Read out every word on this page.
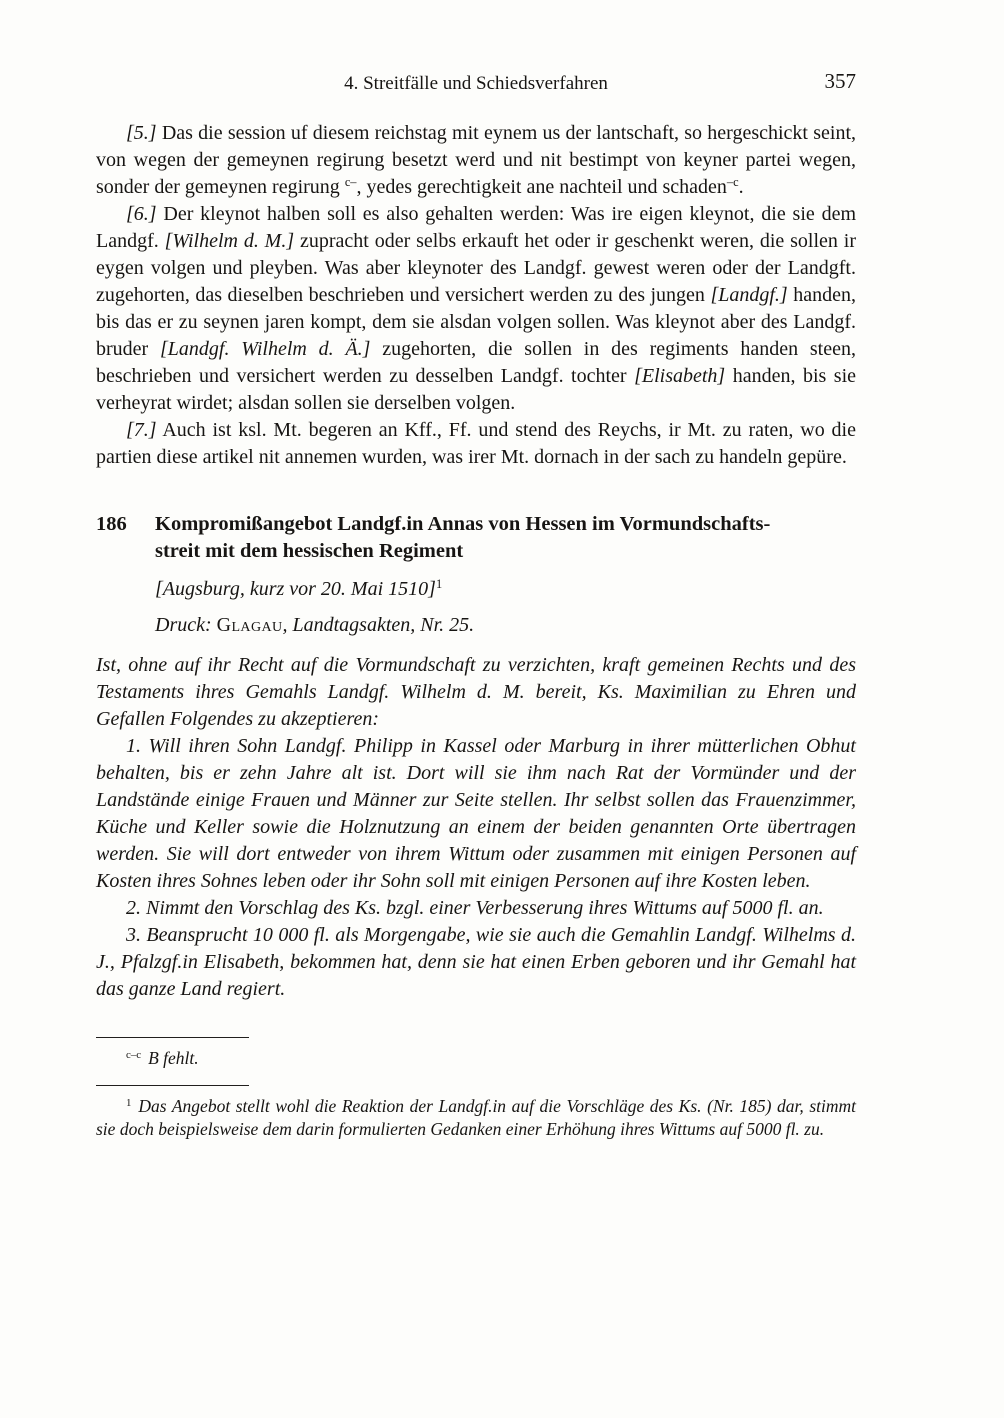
4. Streitfälle und Schiedsverfahren	357

[5.] Das die session uf diesem reichstag mit eynem us der lantschaft, so hergeschickt seint, von wegen der gemeynen regirung besetzt werd und nit bestimpt von keyner partei wegen, sonder der gemeynen regirung $^{c-}$, yedes gerechtigkeit ane nachteil und schaden$^{-c}$.

[6.] Der kleynot halben soll es also gehalten werden: Was ire eigen kleynot, die sie dem Landgf. [Wilhelm d. M.] zupracht oder selbs erkauft het oder ir geschenkt weren, die sollen ir eygen volgen und pleyben. Was aber kleynoter des Landgf. gewest weren oder der Landgft. zugehorten, das dieselben beschrieben und versichert werden zu des jungen [Landgf.] handen, bis das er zu seynen jaren kompt, dem sie alsdan volgen sollen. Was kleynot aber des Landgf. bruder [Landgf. Wilhelm d. Ä.] zugehorten, die sollen in des regiments handen steen, beschrieben und versichert werden zu desselben Landgf. tochter [Elisabeth] handen, bis sie verheyrat wirdet; alsdan sollen sie derselben volgen.

[7.] Auch ist ksl. Mt. begeren an Kff., Ff. und stend des Reychs, ir Mt. zu raten, wo die partien diese artikel nit annemen wurden, was irer Mt. dornach in der sach zu handeln gepüre.

186	Kompromißangebot Landgf.in Annas von Hessen im Vormundschafts-
streit mit dem hessischen Regiment
[Augsburg, kurz vor 20. Mai 1510]$^1$
Druck: Glagau, Landtagsakten, Nr. 25.

Ist, ohne auf ihr Recht auf die Vormundschaft zu verzichten, kraft gemeinen Rechts und des Testaments ihres Gemahls Landgf. Wilhelm d. M. bereit, Ks. Maximilian zu Ehren und Gefallen Folgendes zu akzeptieren:

1. Will ihren Sohn Landgf. Philipp in Kassel oder Marburg in ihrer mütterlichen Obhut behalten, bis er zehn Jahre alt ist. Dort will sie ihm nach Rat der Vormünder und der Landstände einige Frauen und Männer zur Seite stellen. Ihr selbst sollen das Frauenzimmer, Küche und Keller sowie die Holznutzung an einem der beiden genannten Orte übertragen werden. Sie will dort entweder von ihrem Wittum oder zusammen mit einigen Personen auf Kosten ihres Sohnes leben oder ihr Sohn soll mit einigen Personen auf ihre Kosten leben.

2. Nimmt den Vorschlag des Ks. bzgl. einer Verbesserung ihres Wittums auf 5000 fl. an.

3. Beansprucht 10 000 fl. als Morgengabe, wie sie auch die Gemahlin Landgf. Wilhelms d. J., Pfalzgf.in Elisabeth, bekommen hat, denn sie hat einen Erben geboren und ihr Gemahl hat das ganze Land regiert.

$^{c-c}$ B fehlt.

$^1$ Das Angebot stellt wohl die Reaktion der Landgf.in auf die Vorschläge des Ks. (Nr. 185) dar, stimmt sie doch beispielsweise dem darin formulierten Gedanken einer Erhöhung ihres Wittums auf 5000 fl. zu.
